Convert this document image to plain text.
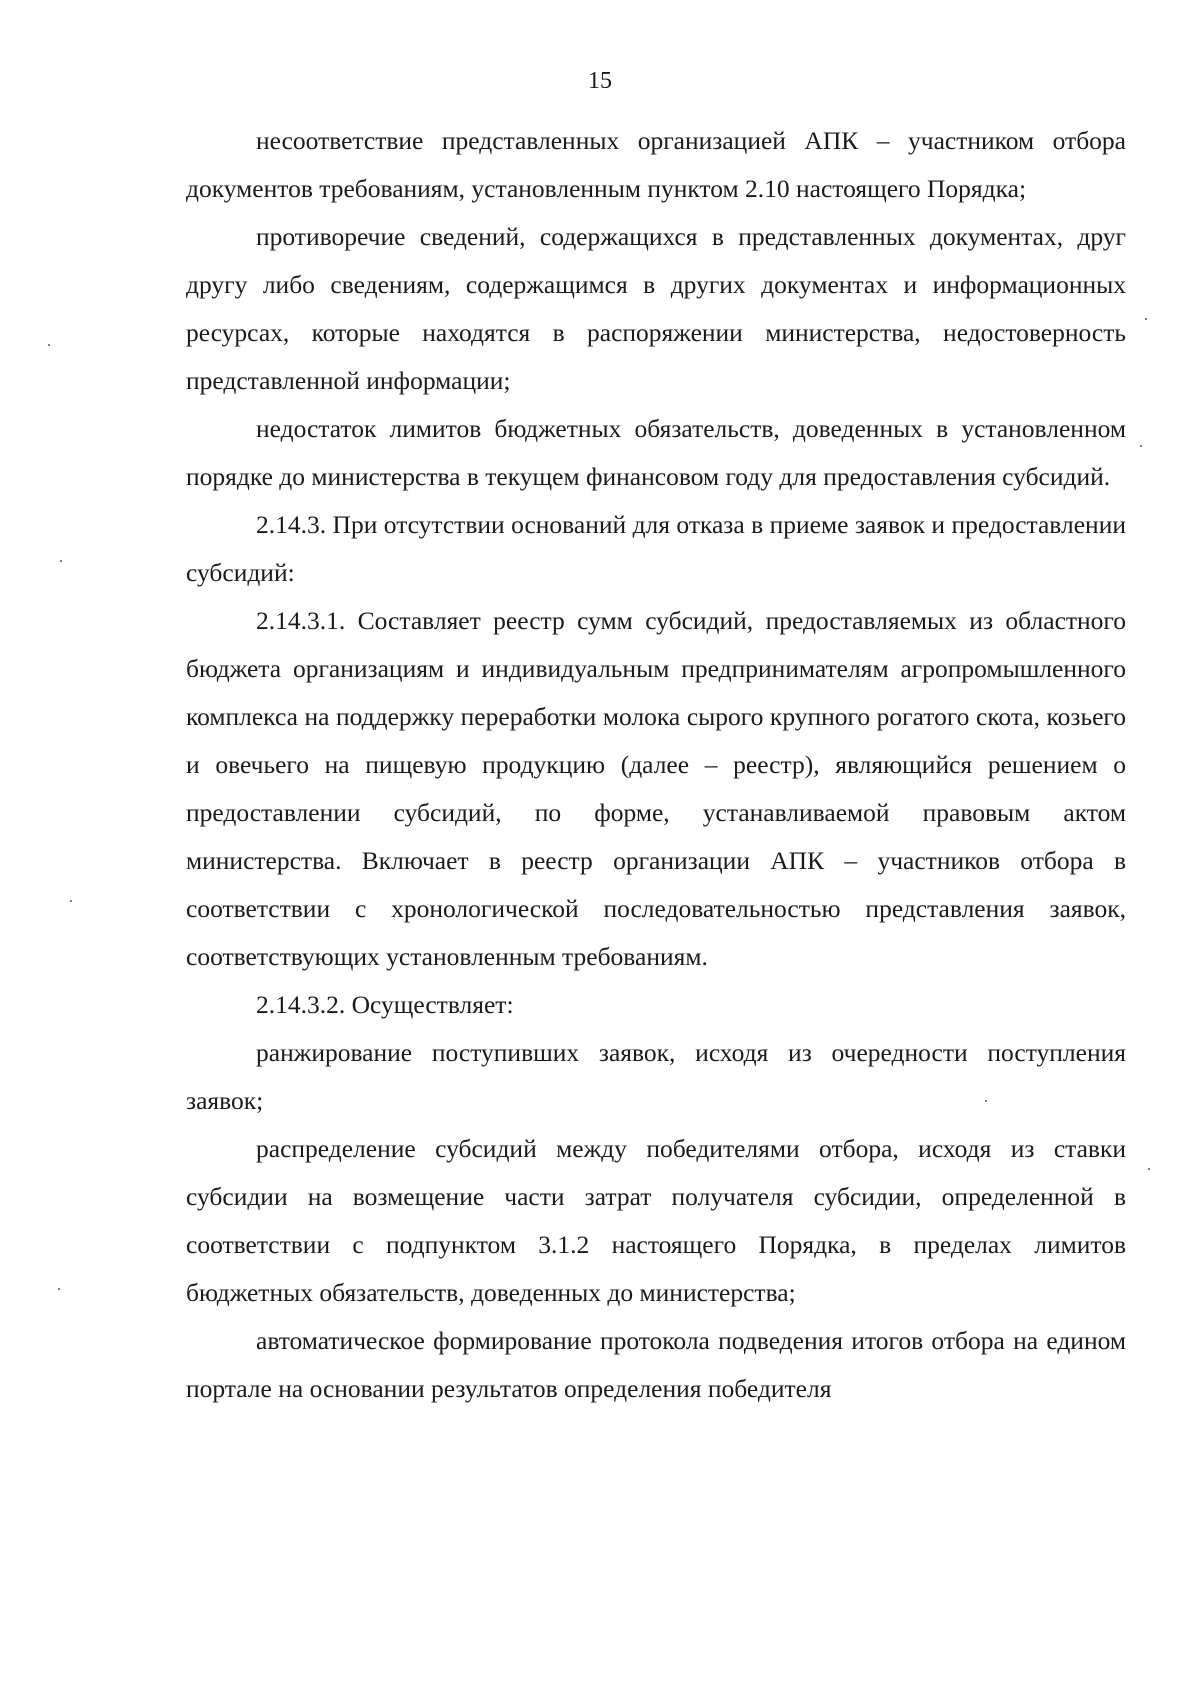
15

несоответствие представленных организацией АПК – участником отбора документов требованиям, установленным пунктом 2.10 настоящего Порядка;

противоречие сведений, содержащихся в представленных документах, друг другу либо сведениям, содержащимся в других документах и информационных ресурсах, которые находятся в распоряжении министерства, недостоверность представленной информации;

недостаток лимитов бюджетных обязательств, доведенных в установленном порядке до министерства в текущем финансовом году для предоставления субсидий.

2.14.3. При отсутствии оснований для отказа в приеме заявок и предоставлении субсидий:

2.14.3.1. Составляет реестр сумм субсидий, предоставляемых из областного бюджета организациям и индивидуальным предпринимателям агропромышленного комплекса на поддержку переработки молока сырого крупного рогатого скота, козьего и овечьего на пищевую продукцию (далее – реестр), являющийся решением о предоставлении субсидий, по форме, устанавливаемой правовым актом министерства. Включает в реестр организации АПК – участников отбора в соответствии с хронологической последовательностью представления заявок, соответствующих установленным требованиям.

2.14.3.2. Осуществляет:

ранжирование поступивших заявок, исходя из очередности поступления заявок;

распределение субсидий между победителями отбора, исходя из ставки субсидии на возмещение части затрат получателя субсидии, определенной в соответствии с подпунктом 3.1.2 настоящего Порядка, в пределах лимитов бюджетных обязательств, доведенных до министерства;

автоматическое формирование протокола подведения итогов отбора на едином портале на основании результатов определения победителя
